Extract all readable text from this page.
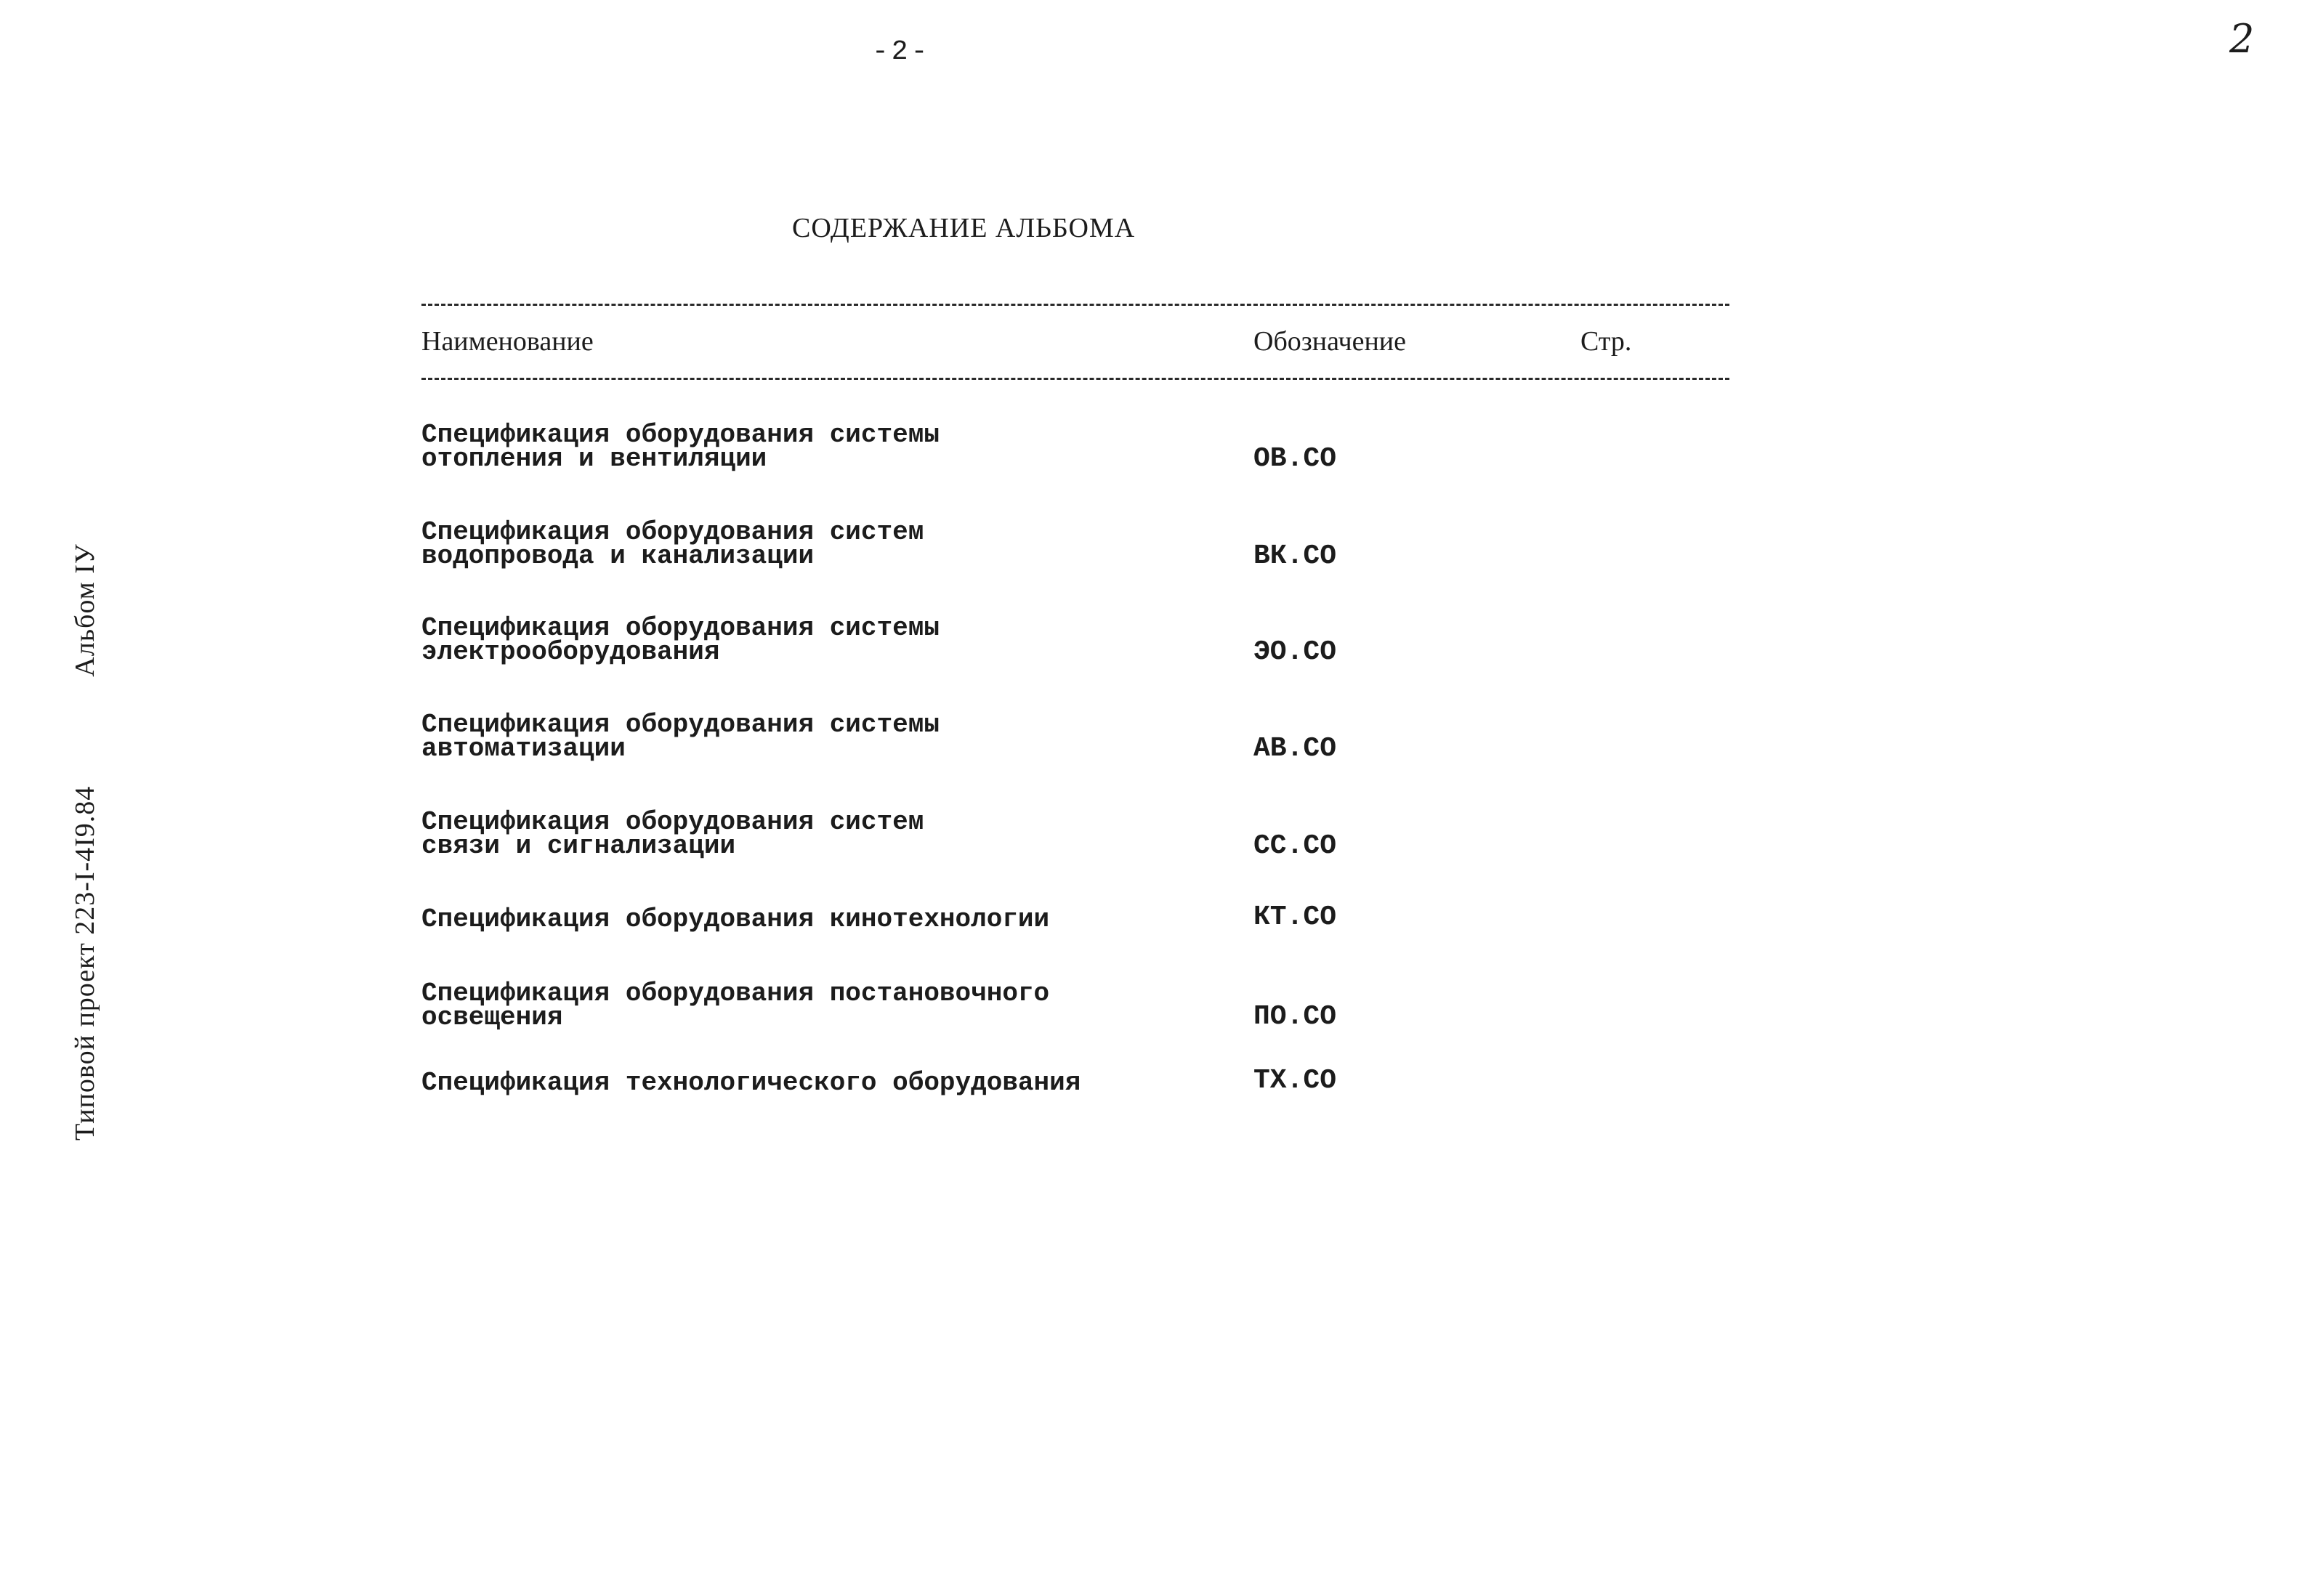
-2-	2
Типовой проект 223-I-4I9.84Альбом IУ
СОДЕРЖАНИЕ АЛЬБОМА
Наименование	Обозначение	Стр.
Спецификация оборудования системы
отопления и вентиляции	ОВ.СО
Спецификация оборудования систем
водопровода и канализации	ВК.СО
Спецификация оборудования системы
электрооборудования	ЭО.СО
Спецификация оборудования системы
автоматизации	АВ.СО
Спецификация оборудования систем
связи и сигнализации	СС.СО
Спецификация оборудования кинотехнологии	КТ.СО
Спецификация оборудования постановочного
освещения	ПО.СО
Спецификация технологического оборудования	ТХ.СО
